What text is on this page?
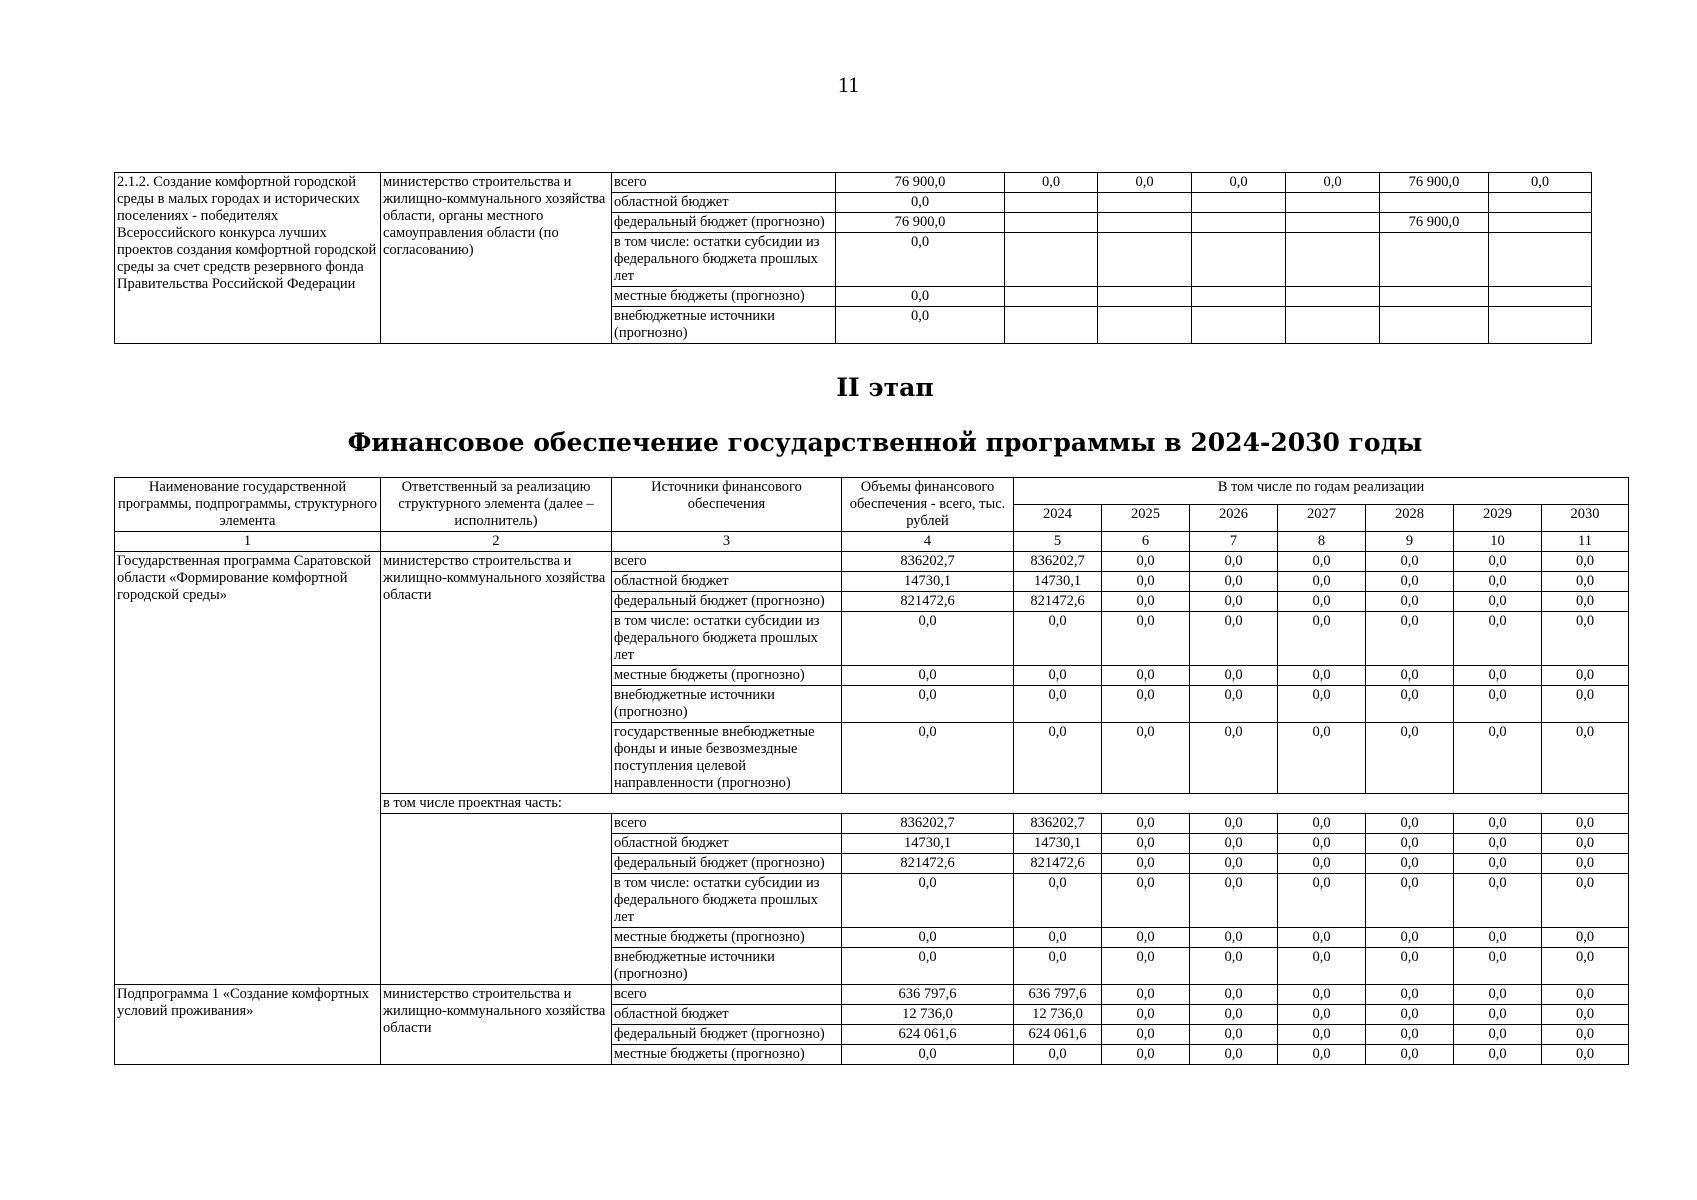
11
2.1.2. Создание комфортной городской среды в малых городах и исторических поселениях - победителях Всероссийского конкурса лучших проектов создания комфортной городской среды за счет средств резервного фонда Правительства Российской Федерации	министерство строительства и жилищно-коммунального хозяйства области, органы местного самоуправления области (по согласованию)	всего	76 900,0	0,0	0,0	0,0	0,0	76 900,0	0,0
		областной бюджет	0,0						
		федеральный бюджет (прогнозно)	76 900,0					76 900,0	
		в том числе: остатки субсидии из федерального бюджета прошлых лет	0,0						
		местные бюджеты (прогнозно)	0,0						
		внебюджетные источники (прогнозно)	0,0						
II этап
Финансовое обеспечение государственной программы в 2024-2030 годы
Наименование государственной программы, подпрограммы, структурного элемента	Ответственный за реализацию структурного элемента (далее – исполнитель)	Источники финансового обеспечения	Объемы финансового обеспечения - всего, тыс. рублей	В том числе по годам реализации						
				2024	2025	2026	2027	2028	2029	2030
1	2	3	4	5	6	7	8	9	10	11
Государственная программа Саратовской области «Формирование комфортной городской среды»	министерство строительства и жилищно-коммунального хозяйства области	всего	836202,7	836202,7	0,0	0,0	0,0	0,0	0,0	0,0
		областной бюджет	14730,1	14730,1	0,0	0,0	0,0	0,0	0,0	0,0
		федеральный бюджет (прогнозно)	821472,6	821472,6	0,0	0,0	0,0	0,0	0,0	0,0
		в том числе: остатки субсидии из федерального бюджета прошлых лет	0,0	0,0	0,0	0,0	0,0	0,0	0,0	0,0
		местные бюджеты (прогнозно)	0,0	0,0	0,0	0,0	0,0	0,0	0,0	0,0
		внебюджетные источники (прогнозно)	0,0	0,0	0,0	0,0	0,0	0,0	0,0	0,0
		государственные внебюджетные фонды и иные безвозмездные поступления целевой направленности (прогнозно)	0,0	0,0	0,0	0,0	0,0	0,0	0,0	0,0
	в том числе проектная часть:									
		всего	836202,7	836202,7	0,0	0,0	0,0	0,0	0,0	0,0
		областной бюджет	14730,1	14730,1	0,0	0,0	0,0	0,0	0,0	0,0
		федеральный бюджет (прогнозно)	821472,6	821472,6	0,0	0,0	0,0	0,0	0,0	0,0
		в том числе: остатки субсидии из федерального бюджета прошлых лет	0,0	0,0	0,0	0,0	0,0	0,0	0,0	0,0
		местные бюджеты (прогнозно)	0,0	0,0	0,0	0,0	0,0	0,0	0,0	0,0
		внебюджетные источники (прогнозно)	0,0	0,0	0,0	0,0	0,0	0,0	0,0	0,0
Подпрограмма 1 «Создание комфортных условий проживания»	министерство строительства и жилищно-коммунального хозяйства области	всего	636 797,6	636 797,6	0,0	0,0	0,0	0,0	0,0	0,0
		областной бюджет	12 736,0	12 736,0	0,0	0,0	0,0	0,0	0,0	0,0
		федеральный бюджет (прогнозно)	624 061,6	624 061,6	0,0	0,0	0,0	0,0	0,0	0,0
		местные бюджеты (прогнозно)	0,0	0,0	0,0	0,0	0,0	0,0	0,0	0,0
